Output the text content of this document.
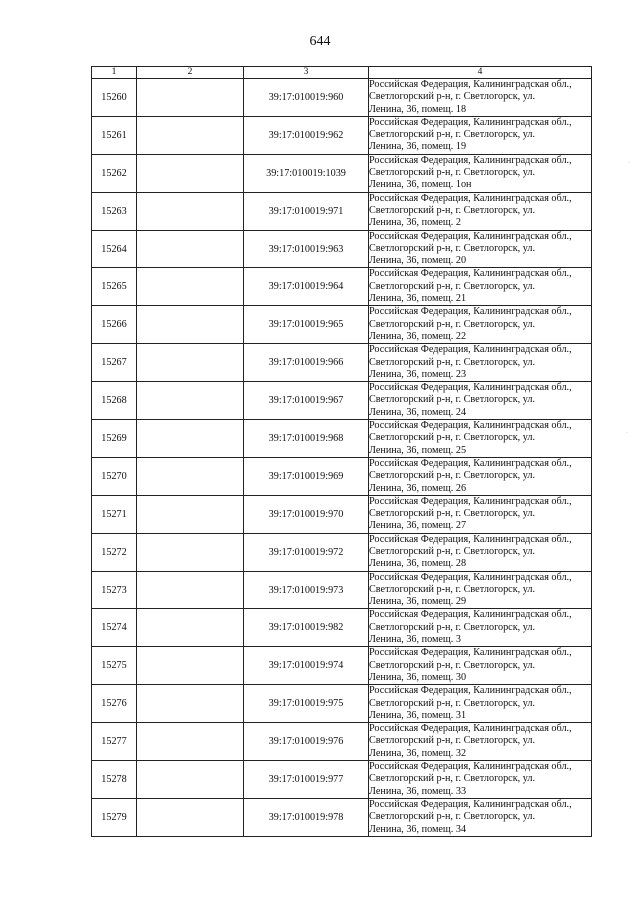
644
1	2	3	4
15260		39:17:010019:960	Российская Федерация, Калининградская обл.,
Светлогорский р-н, г. Светлогорск, ул.
Ленина, 36, помещ. 18

15261		39:17:010019:962	Российская Федерация, Калининградская обл.,
Светлогорский р-н, г. Светлогорск, ул.
Ленина, 36, помещ. 19

15262		39:17:010019:1039	Российская Федерация, Калининградская обл.,
Светлогорский р-н, г. Светлогорск, ул.
Ленина, 36, помещ. 1он

15263		39:17:010019:971	Российская Федерация, Калининградская обл.,
Светлогорский р-н, г. Светлогорск, ул.
Ленина, 36, помещ. 2

15264		39:17:010019:963	Российская Федерация, Калининградская обл.,
Светлогорский р-н, г. Светлогорск, ул.
Ленина, 36, помещ. 20

15265		39:17:010019:964	Российская Федерация, Калининградская обл.,
Светлогорский р-н, г. Светлогорск, ул.
Ленина, 36, помещ. 21

15266		39:17:010019:965	Российская Федерация, Калининградская обл.,
Светлогорский р-н, г. Светлогорск, ул.
Ленина, 36, помещ. 22

15267		39:17:010019:966	Российская Федерация, Калининградская обл.,
Светлогорский р-н, г. Светлогорск, ул.
Ленина, 36, помещ. 23

15268		39:17:010019:967	Российская Федерация, Калининградская обл.,
Светлогорский р-н, г. Светлогорск, ул.
Ленина, 36, помещ. 24

15269		39:17:010019:968	Российская Федерация, Калининградская обл.,
Светлогорский р-н, г. Светлогорск, ул.
Ленина, 36, помещ. 25

15270		39:17:010019:969	Российская Федерация, Калининградская обл.,
Светлогорский р-н, г. Светлогорск, ул.
Ленина, 36, помещ. 26

15271		39:17:010019:970	Российская Федерация, Калининградская обл.,
Светлогорский р-н, г. Светлогорск, ул.
Ленина, 36, помещ. 27

15272		39:17:010019:972	Российская Федерация, Калининградская обл.,
Светлогорский р-н, г. Светлогорск, ул.
Ленина, 36, помещ. 28

15273		39:17:010019:973	Российская Федерация, Калининградская обл.,
Светлогорский р-н, г. Светлогорск, ул.
Ленина, 36, помещ. 29

15274		39:17:010019:982	Российская Федерация, Калининградская обл.,
Светлогорский р-н, г. Светлогорск, ул.
Ленина, 36, помещ. 3

15275		39:17:010019:974	Российская Федерация, Калининградская обл.,
Светлогорский р-н, г. Светлогорск, ул.
Ленина, 36, помещ. 30

15276		39:17:010019:975	Российская Федерация, Калининградская обл.,
Светлогорский р-н, г. Светлогорск, ул.
Ленина, 36, помещ. 31

15277		39:17:010019:976	Российская Федерация, Калининградская обл.,
Светлогорский р-н, г. Светлогорск, ул.
Ленина, 36, помещ. 32

15278		39:17:010019:977	Российская Федерация, Калининградская обл.,
Светлогорский р-н, г. Светлогорск, ул.
Ленина, 36, помещ. 33

15279		39:17:010019:978	Российская Федерация, Калининградская обл.,
Светлогорский р-н, г. Светлогорск, ул.
Ленина, 36, помещ. 34
·
·
